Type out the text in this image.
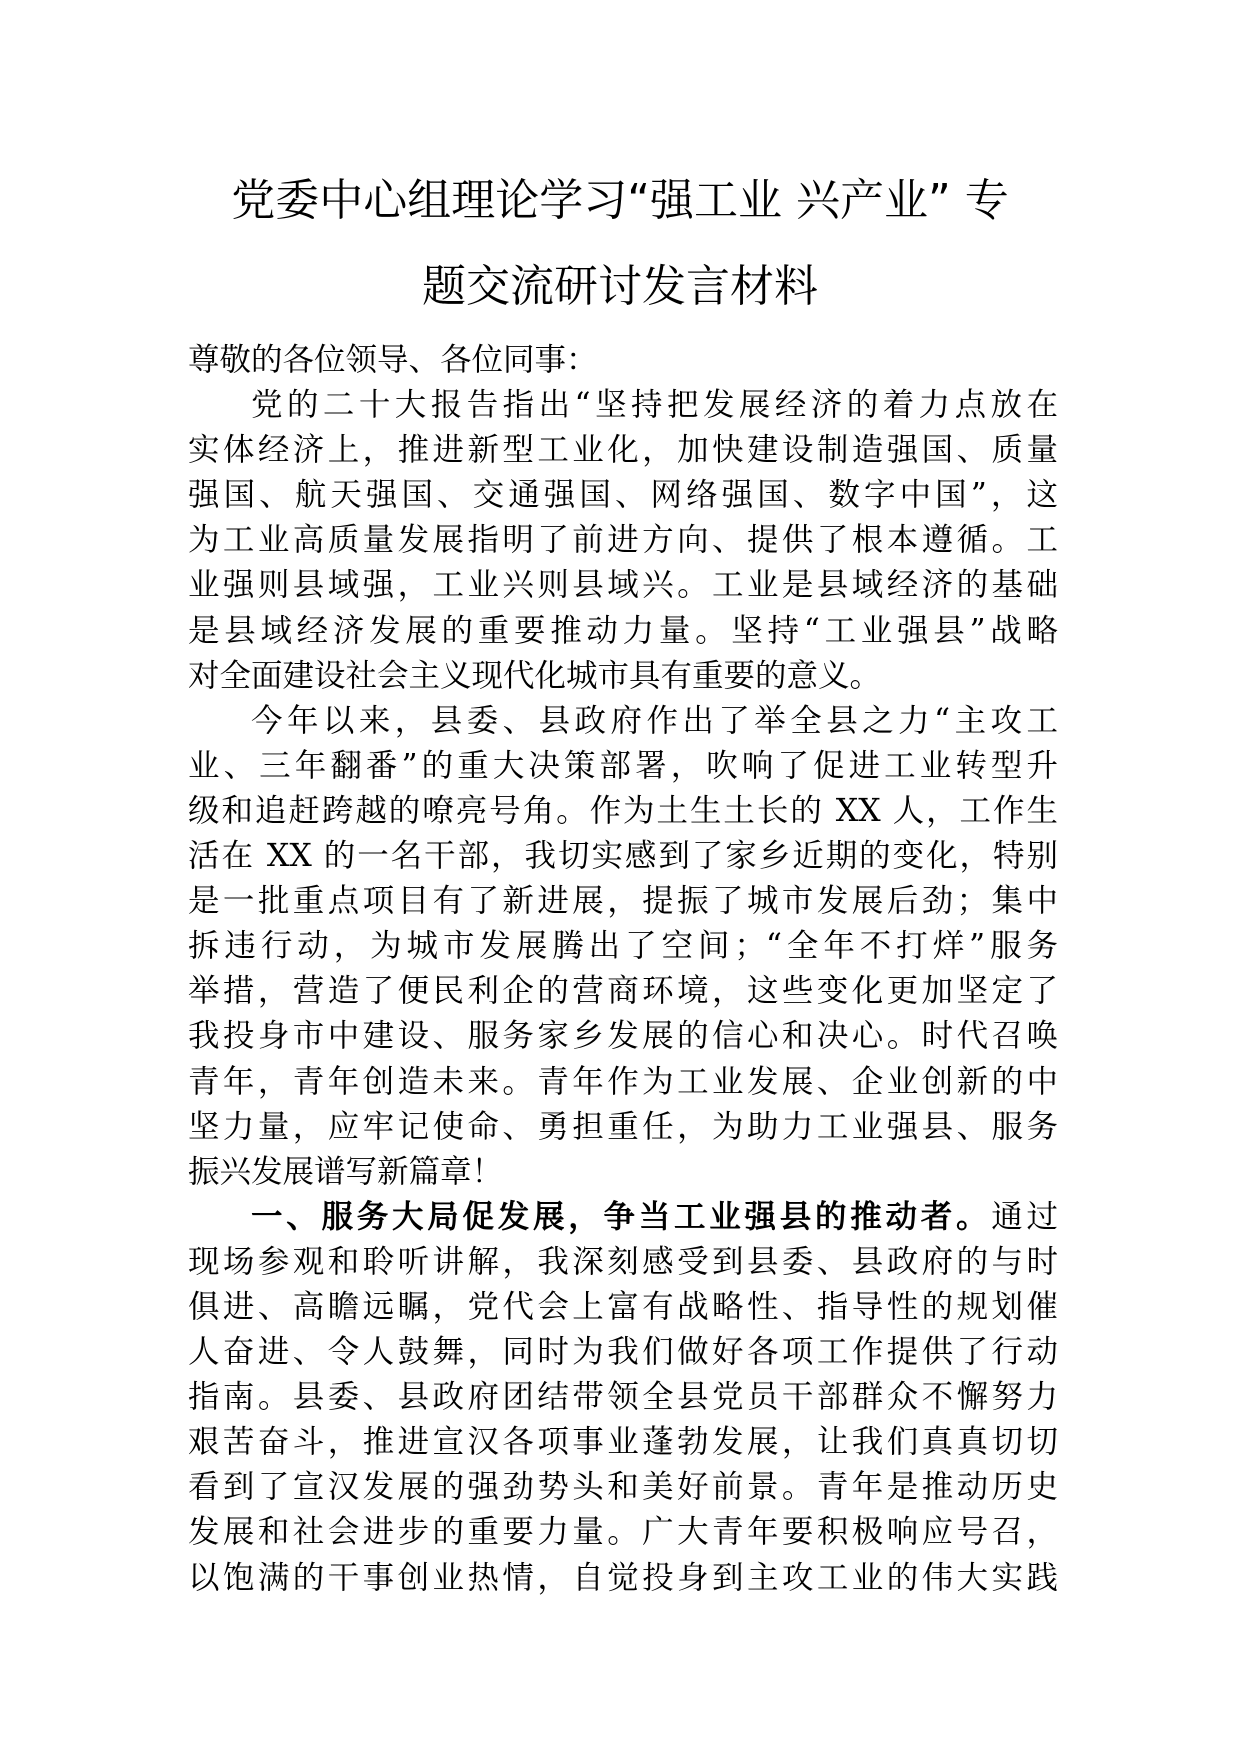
党委中心组理论学习“强工业 兴产业” 专
题交流研讨发言材料
尊敬的各位领导、各位同事：
党的二十大报告指出“坚持把发展经济的着力点放在
实体经济上，推进新型工业化，加快建设制造强国、质量
强国、航天强国、交通强国、网络强国、数字中国”，这
为工业高质量发展指明了前进方向、提供了根本遵循。工
业强则县域强，工业兴则县域兴。工业是县域经济的基础
是县域经济发展的重要推动力量。坚持“工业强县”战略
对全面建设社会主义现代化城市具有重要的意义。
今年以来，县委、县政府作出了举全县之力“主攻工
业、三年翻番”的重大决策部署，吹响了促进工业转型升
级和追赶跨越的嘹亮号角。作为土生土长的 XX 人，工作生
活在 XX 的一名干部，我切实感到了家乡近期的变化，特别
是一批重点项目有了新进展，提振了城市发展后劲；集中
拆违行动，为城市发展腾出了空间；“全年不打烊”服务
举措，营造了便民利企的营商环境，这些变化更加坚定了
我投身市中建设、服务家乡发展的信心和决心。时代召唤
青年，青年创造未来。青年作为工业发展、企业创新的中
坚力量，应牢记使命、勇担重任，为助力工业强县、服务
振兴发展谱写新篇章！
一、服务大局促发展，争当工业强县的推动者。通过
现场参观和聆听讲解，我深刻感受到县委、县政府的与时
俱进、高瞻远瞩，党代会上富有战略性、指导性的规划催
人奋进、令人鼓舞，同时为我们做好各项工作提供了行动
指南。县委、县政府团结带领全县党员干部群众不懈努力
艰苦奋斗，推进宣汉各项事业蓬勃发展，让我们真真切切
看到了宣汉发展的强劲势头和美好前景。青年是推动历史
发展和社会进步的重要力量。广大青年要积极响应号召，
以饱满的干事创业热情，自觉投身到主攻工业的伟大实践
